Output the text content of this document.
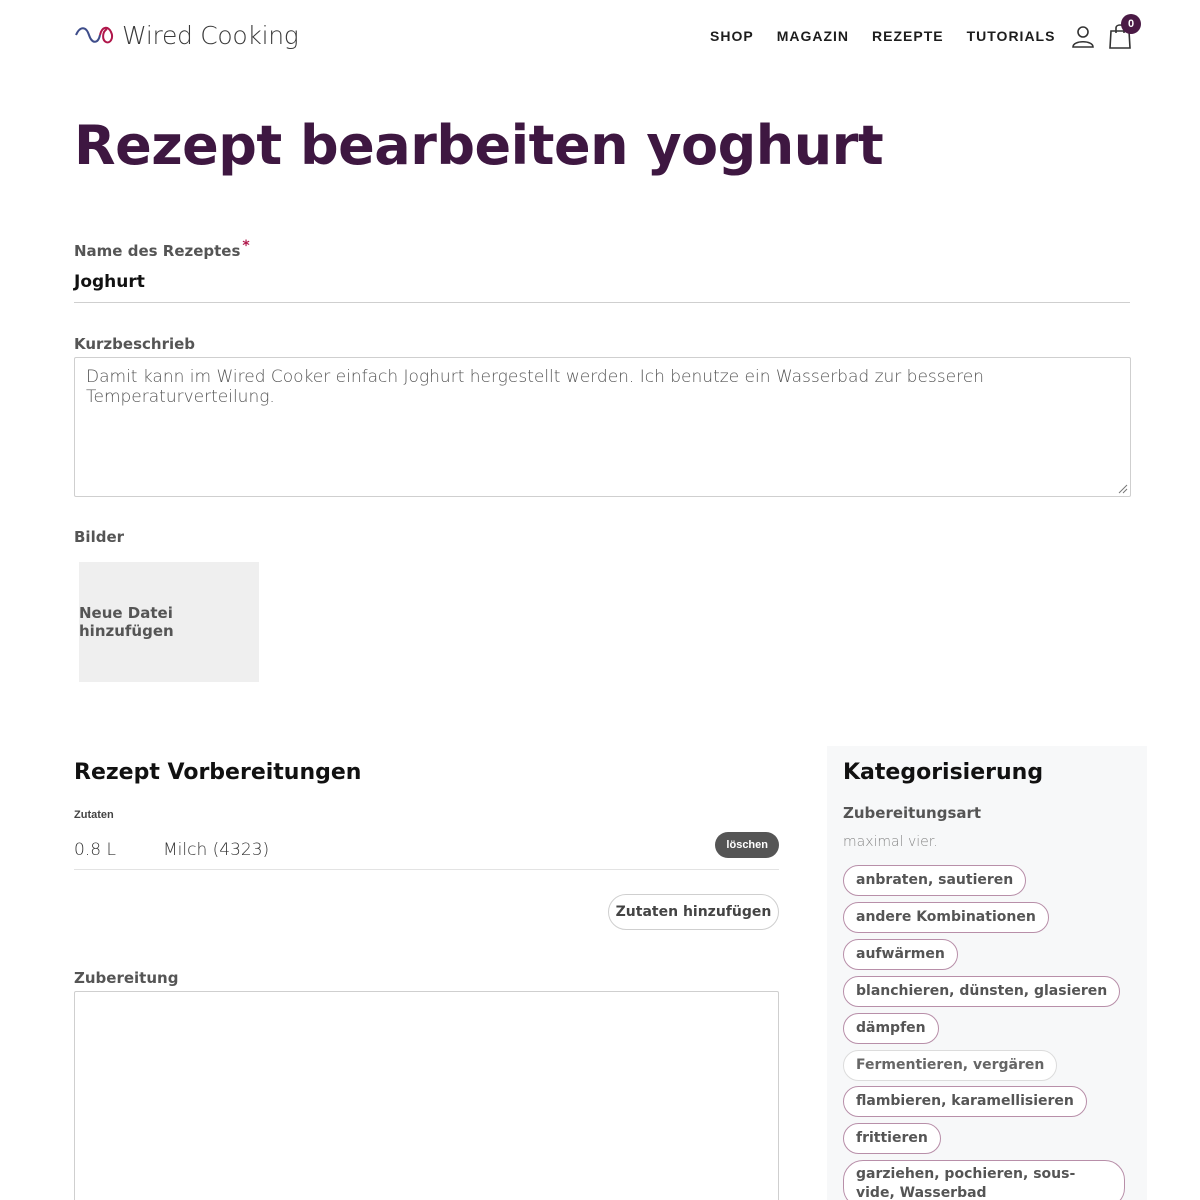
Wired Cooking	SHOP MAGAZIN REZEPTE TUTORIALS
0
Rezept bearbeiten yoghurt
Name des Rezeptes *
Joghurt
Kurzbeschrieb
Damit kann im Wired Cooker einfach Joghurt hergestellt werden. Ich benutze ein Wasserbad zur besseren Temperaturverteilung.
Bilder
Neue Datei hinzufügen
Rezept Vorbereitungen
Zutaten
0.8 L	Milch (4323)	löschen
Zutaten hinzufügen
Zubereitung
Kategorisierung
Zubereitungsart
maximal vier.
anbraten, sautieren
andere Kombinationen
aufwärmen
blanchieren, dünsten, glasieren
dämpfen
Fermentieren, vergären
flambieren, karamellisieren
frittieren
garziehen, pochieren, sous-vide, Wasserbad
